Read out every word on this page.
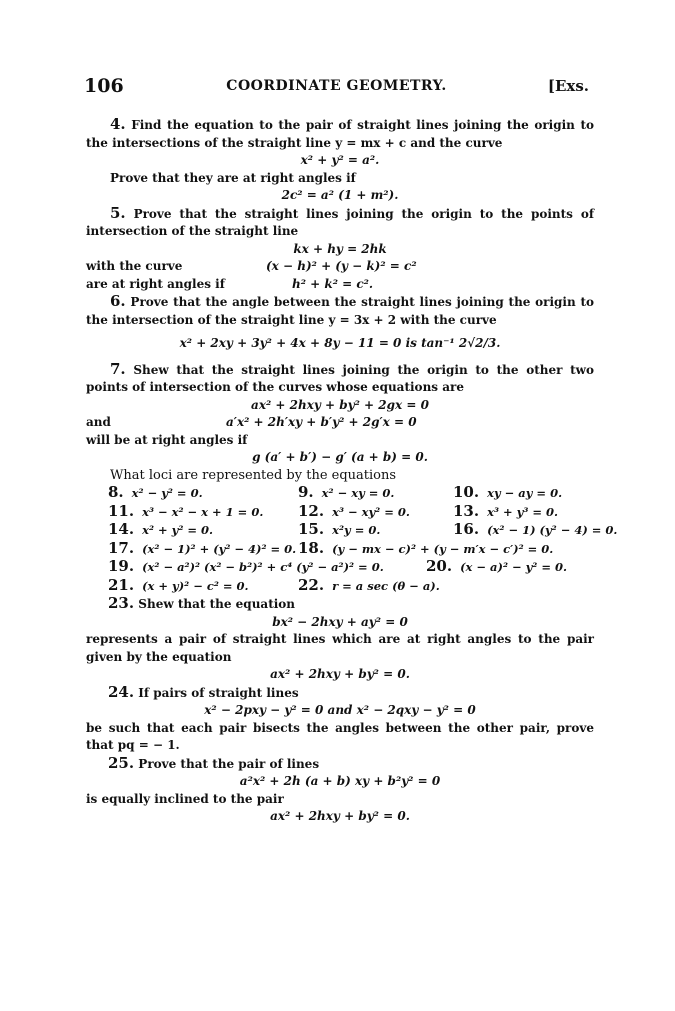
106	COORDINATE GEOMETRY.	[Exs.
4. Find the equation to the pair of straight lines joining the origin to the intersections of the straight line y = mx + c and the curve
x² + y² = a².
Prove that they are at right angles if
2c² = a² (1 + m²).
5. Prove that the straight lines joining the origin to the points of intersection of the straight line
kx + hy = 2hk
with the curve	(x − h)² + (y − k)² = c²
are at right angles if	h² + k² = c².
6. Prove that the angle between the straight lines joining the origin to the intersection of the straight line y = 3x + 2 with the curve
x² + 2xy + 3y² + 4x + 8y − 11 = 0 is tan⁻¹ 2√2/3.
7. Shew that the straight lines joining the origin to the other two points of intersection of the curves whose equations are
ax² + 2hxy + by² + 2gx = 0
and	a′x² + 2h′xy + b′y² + 2g′x = 0
will be at right angles if
g (a′ + b′) − g′ (a + b) = 0.
What loci are represented by the equations
8. x² − y² = 0.	9. x² − xy = 0.	10. xy − ay = 0.
11. x³ − x² − x + 1 = 0.	12. x³ − xy² = 0.	13. x³ + y³ = 0.
14. x² + y² = 0.	15. x²y = 0.	16. (x² − 1) (y² − 4) = 0.
17. (x² − 1)² + (y² − 4)² = 0. 18. (y − mx − c)² + (y − m′x − c′)² = 0.
19. (x² − a²)² (x² − b²)² + c⁴ (y² − a²)² = 0.	20. (x − a)² − y² = 0.
21. (x + y)² − c² = 0.	22. r = a sec (θ − a).
23. Shew that the equation
bx² − 2hxy + ay² = 0
represents a pair of straight lines which are at right angles to the pair given by the equation
ax² + 2hxy + by² = 0.
24. If pairs of straight lines
x² − 2pxy − y² = 0 and x² − 2qxy − y² = 0
be such that each pair bisects the angles between the other pair, prove that pq = − 1.
25. Prove that the pair of lines
a²x² + 2h (a + b) xy + b²y² = 0
is equally inclined to the pair
ax² + 2hxy + by² = 0.
